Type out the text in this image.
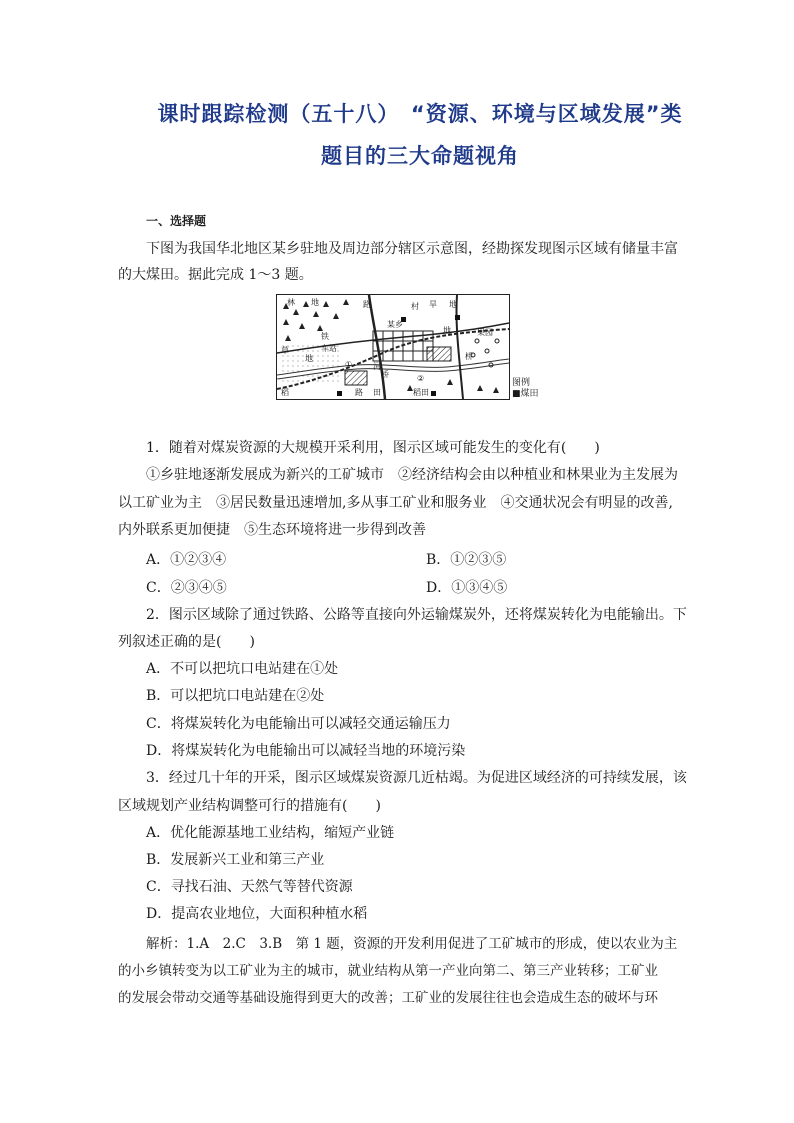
课时跟踪检测（五十八）　“资源、环境与区域发展”类
题目的三大命题视角
一、选择题
下图为我国华北地区某乡驻地及周边部分辖区示意图，经勘探发现图示区域有储量丰富
的大煤田。据此完成 1～3 题。
林 地	路
铁
草
地
车站
某乡
村 旱 地
地	果园
桥
河
桥
稻	田
路	稻 田
①
②	图例
■煤田
1．随着对煤炭资源的大规模开采利用，图示区域可能发生的变化有(　　)
①乡驻地逐渐发展成为新兴的工矿城市　②经济结构会由以种植业和林果业为主发展为
以工矿业为主　③居民数量迅速增加,多从事工矿业和服务业　④交通状况会有明显的改善,
内外联系更加便捷　⑤生态环境将进一步得到改善
A．①②③④	B．①②③⑤
C．②③④⑤	D．①③④⑤
2．图示区域除了通过铁路、公路等直接向外运输煤炭外，还将煤炭转化为电能输出。下
列叙述正确的是(　　)
A．不可以把坑口电站建在①处
B．可以把坑口电站建在②处
C．将煤炭转化为电能输出可以减轻交通运输压力
D．将煤炭转化为电能输出可以减轻当地的环境污染
3．经过几十年的开采，图示区域煤炭资源几近枯竭。为促进区域经济的可持续发展，该
区域规划产业结构调整可行的措施有(　　)
A．优化能源基地工业结构，缩短产业链
B．发展新兴工业和第三产业
C．寻找石油、天然气等替代资源
D．提高农业地位，大面积种植水稻
解析：1.A　2.C　3.B　第 1 题，资源的开发利用促进了工矿城市的形成，使以农业为主
的小乡镇转变为以工矿业为主的城市，就业结构从第一产业向第二、第三产业转移；工矿业
的发展会带动交通等基础设施得到更大的改善；工矿业的发展往往也会造成生态的破坏与环
